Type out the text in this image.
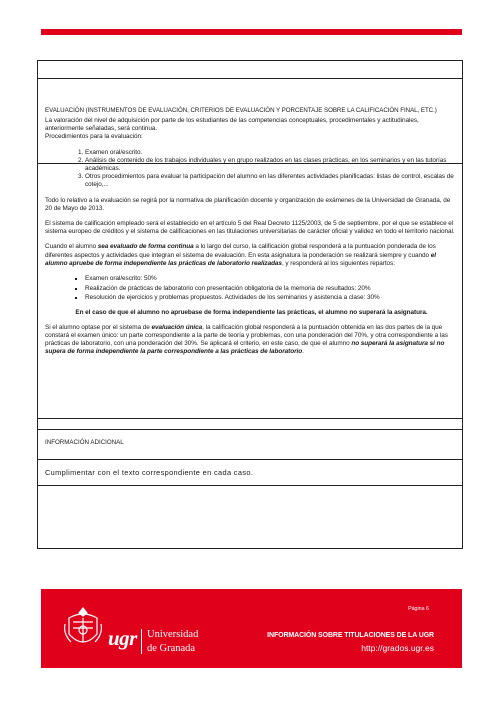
EVALUACIÓN (INSTRUMENTOS DE EVALUACIÓN, CRITERIOS DE EVALUACIÓN Y PORCENTAJE SOBRE LA CALIFICACIÓN FINAL, ETC.)

La valoración del nivel de adquisición por parte de los estudiantes de las competencias conceptuales, procedimentales y actitudinales, anteriormente señaladas, será continua.

Procedimientos para la evaluación:

1. Examen oral/escrito.
2. Análisis de contenido de los trabajos individuales y en grupo realizados en las clases prácticas, en los seminarios y en las tutorías académicas.
3. Otros procedimientos para evaluar la participación del alumno en las diferentes actividades planificadas: listas de control, escalas de cotejo,...

Todo lo relativo a la evaluación se regirá por la normativa de planificación docente y organización de exámenes de la Universidad de Granada, de 20 de Mayo de 2013.

El sistema de calificación empleado será el establecido en el artículo 5 del Real Decreto 1125/2003, de 5 de septiembre, por el que se establece el sistema europeo de créditos y el sistema de calificaciones en las titulaciones universitarias de carácter oficial y validez en todo el territorio nacional.

Cuando el alumno sea evaluado de forma continua a lo largo del curso, la calificación global responderá a la puntuación ponderada de los diferentes aspectos y actividades que integran el sistema de evaluación. En esta asignatura la ponderación se realizará siempre y cuando el alumno apruebe de forma independiente las prácticas de laboratorio realizadas, y responderá al los siguientes repartos:

▪ Examen oral/escrito: 50%
▪ Realización de prácticas de laboratorio con presentación obligatoria de la memoria de resultados: 20%
▪ Resolución de ejercicios y problemas propuestos. Actividades de los seminarios y asistencia a clase: 30%

En el caso de que el alumno no apruebase de forma independiente las prácticas, el alumno no superará la asignatura.

Si el alumno optase por el sistema de evaluación única, la calificación global responderá a la puntuación obtenida en las dos partes de la que constará el examen único: un parte correspondiente a la parte de teoría y problemas, con una ponderación del 70%, y otra correspondiente a las prácticas de laboratorio, con una ponderación del 30%. Se aplicará el criterio, en este caso, de que el alumno no superará la asignatura si no supera de forma independiente la parte correspondiente a las prácticas de laboratorio.

INFORMACIÓN ADICIONAL
Cumplimentar con el texto correspondiente en cada caso.
ugr Universidad
de Granada
Página 6
INFORMACIÓN SOBRE TITULACIONES DE LA UGR
http://grados.ugr.es
